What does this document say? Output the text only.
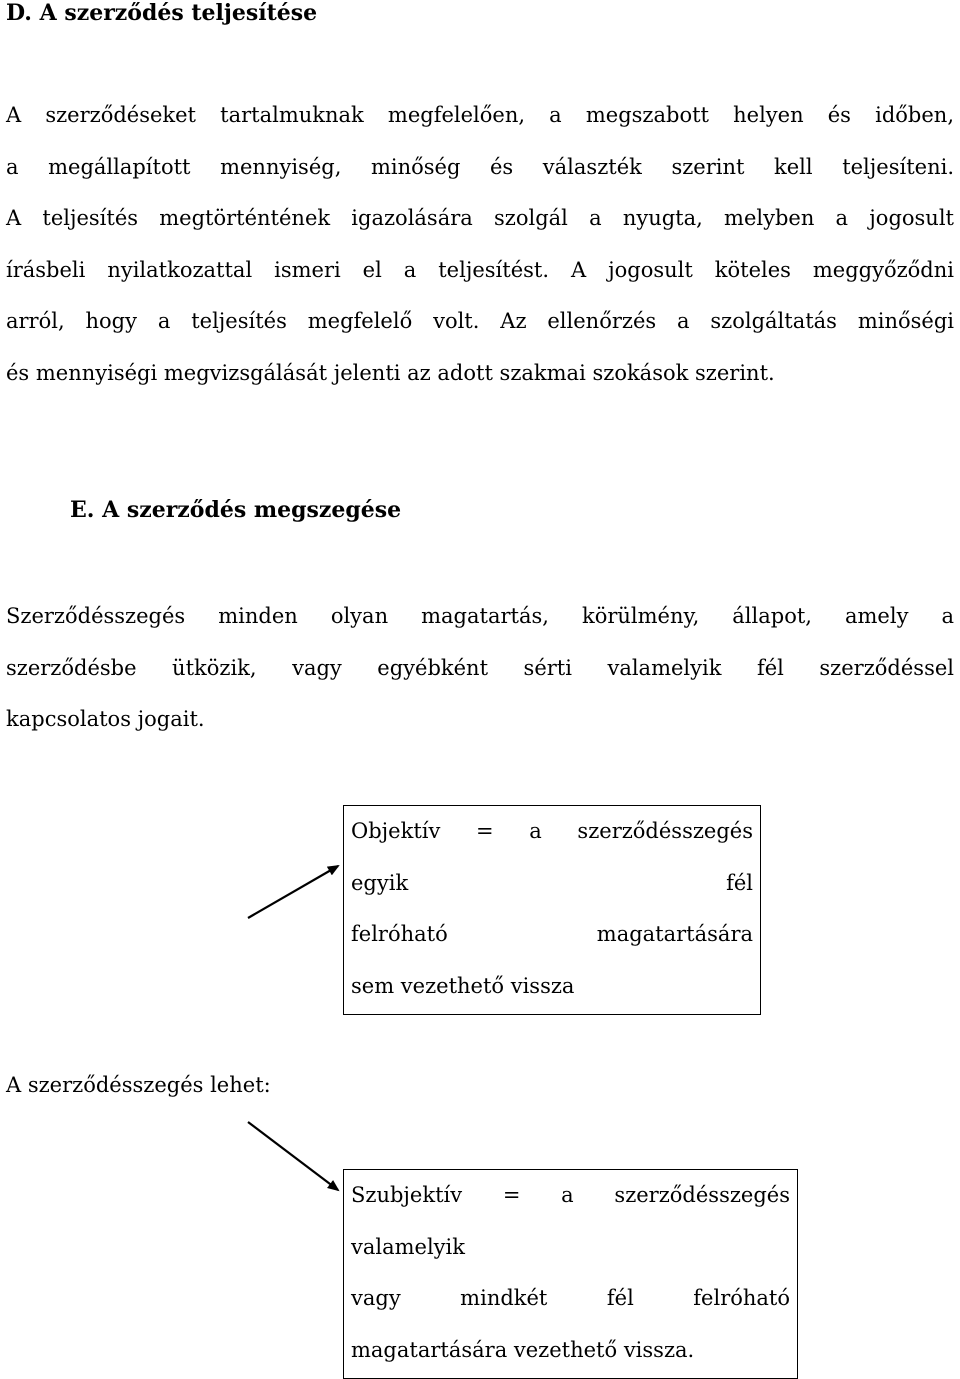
D. A szerződés teljesítése
A szerződéseket tartalmuknak megfelelően, a megszabott helyen és időben,
a megállapított mennyiség, minőség és választék szerint kell teljesíteni.
A teljesítés megtörténtének igazolására szolgál a nyugta, melyben a jogosult
írásbeli nyilatkozattal ismeri el a teljesítést. A jogosult köteles meggyőződni
arról, hogy a teljesítés megfelelő volt. Az ellenőrzés a szolgáltatás minőségi
és mennyiségi megvizsgálását jelenti az adott szakmai szokások szerint.
E. A szerződés megszegése
Szerződésszegés minden olyan magatartás, körülmény, állapot, amely a
szerződésbe ütközik, vagy egyébként sérti valamelyik fél szerződéssel
kapcsolatos jogait.
Objektív = a szerződésszegés
egyik fél
felróható magatartására
sem vezethető vissza
A szerződésszegés lehet:
Szubjektív = a szerződésszegés
valamelyik
vagy mindkét fél felróható
magatartására vezethető vissza.
